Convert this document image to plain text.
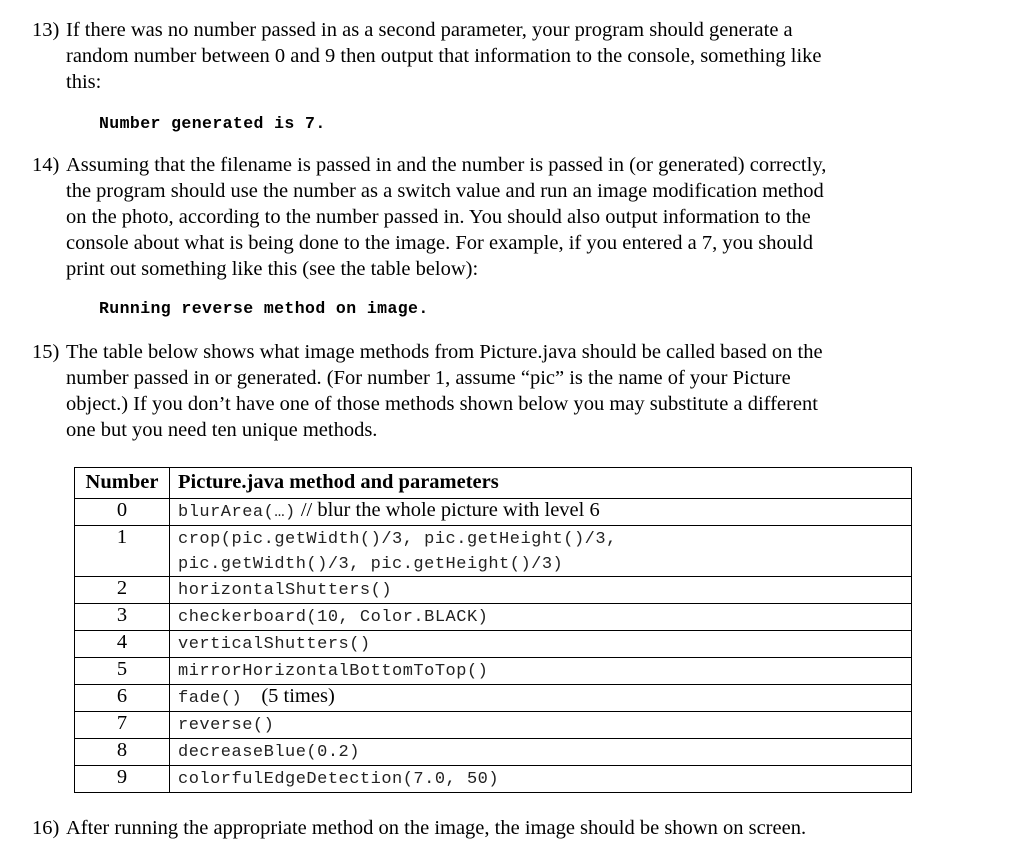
13) If there was no number passed in as a second parameter, your program should generate a
random number between 0 and 9 then output that information to the console, something like
this:
Number generated is 7.
14) Assuming that the filename is passed in and the number is passed in (or generated) correctly,
the program should use the number as a switch value and run an image modification method
on the photo, according to the number passed in. You should also output information to the
console about what is being done to the image. For example, if you entered a 7, you should
print out something like this (see the table below):
Running reverse method on image.
15) The table below shows what image methods from Picture.java should be called based on the
number passed in or generated. (For number 1, assume “pic” is the name of your Picture
object.) If you don’t have one of those methods shown below you may substitute a different
one but you need ten unique methods.
Number	Picture.java method and parameters
0	blurArea(…) // blur the whole picture with level 6
1	crop(pic.getWidth()/3, pic.getHeight()/3,
pic.getWidth()/3, pic.getHeight()/3)
2	horizontalShutters()
3	checkerboard(10, Color.BLACK)
4	verticalShutters()
5	mirrorHorizontalBottomToTop()
6	fade() (5 times)
7	reverse()
8	decreaseBlue(0.2)
9	colorfulEdgeDetection(7.0, 50)
16) After running the appropriate method on the image, the image should be shown on screen.
